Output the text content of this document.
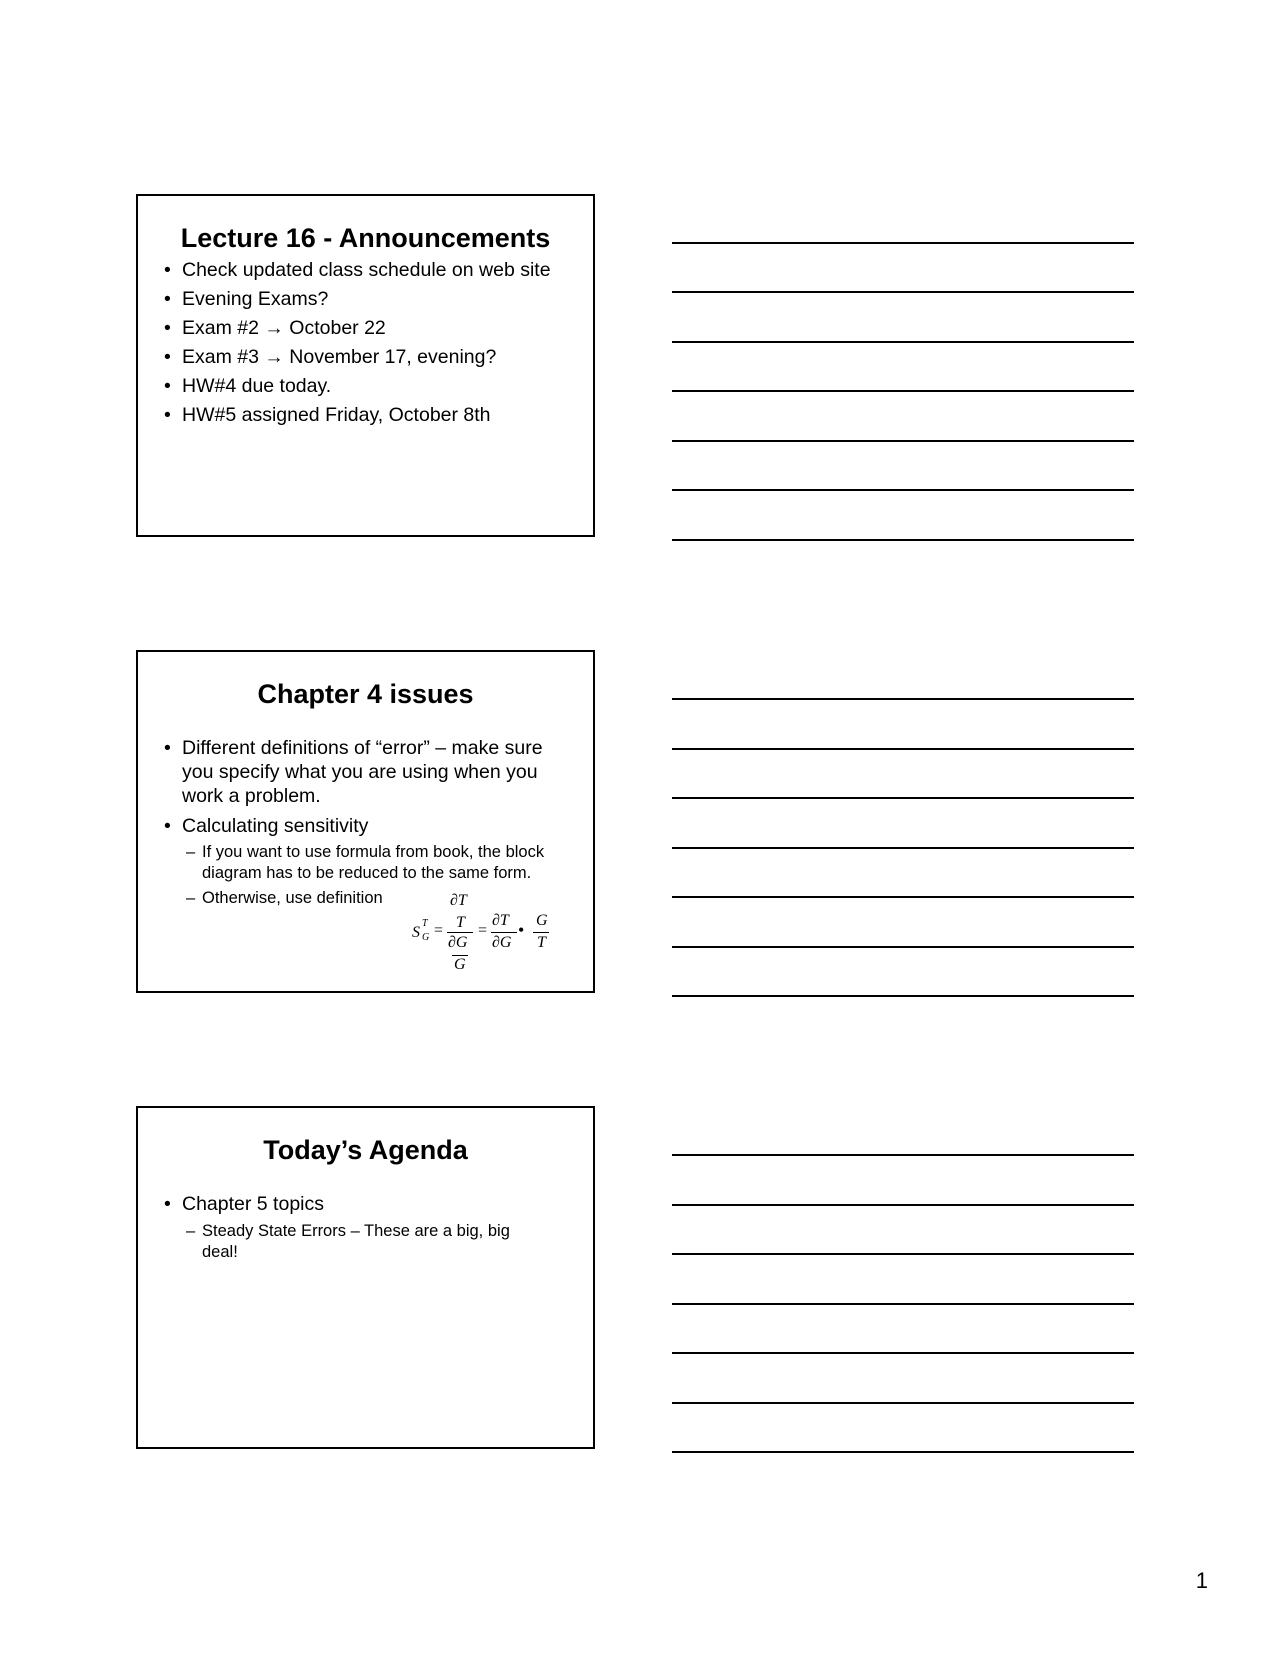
Lecture 16 - Announcements
• Check updated class schedule on web site
• Evening Exams?
• Exam #2 → October 22
• Exam #3 → November 17, evening?
• HW#4 due today.
• HW#5 assigned Friday, October 8th
Chapter 4 issues
• Different definitions of “error” – make sure you specify what you are using when you work a problem.
• Calculating sensitivity
– If you want to use formula from book, the block diagram has to be reduced to the same form.
– Otherwise, use definition
S
T
G =
∂T
T
∂G
G
=
∂T
∂G
• G
T
Today’s Agenda
• Chapter 5 topics
– Steady State Errors – These are a big, big deal!
1
